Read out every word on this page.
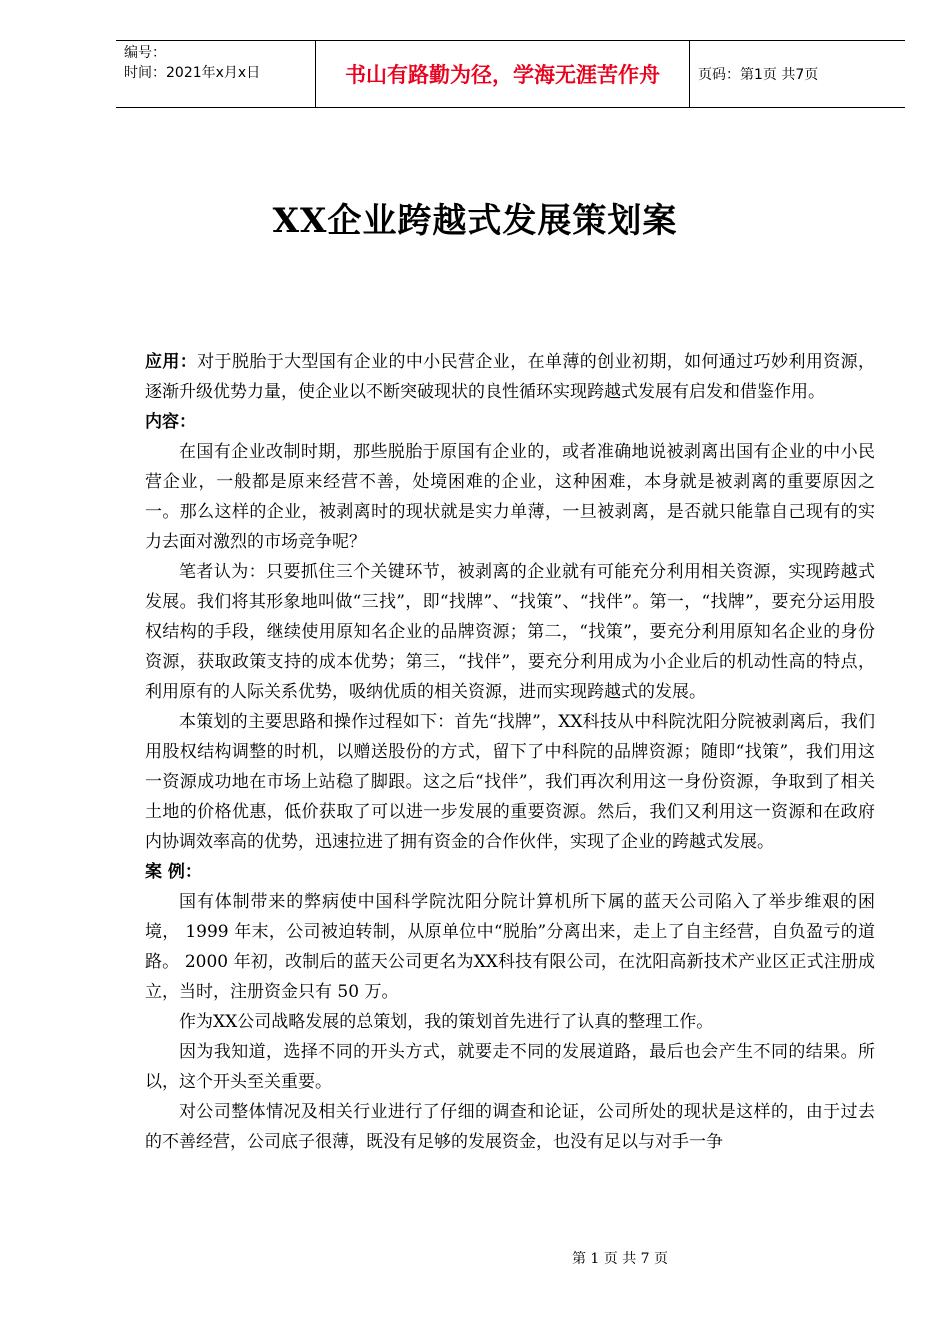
编号：
时间：2021年x月x日	书山有路勤为径，学海无涯苦作舟	页码：第1页 共7页
XX企业跨越式发展策划案

应用：对于脱胎于大型国有企业的中小民营企业，在单薄的创业初期，如何通过巧妙利用资源，逐渐升级优势力量，使企业以不断突破现状的良性循环实现跨越式发展有启发和借鉴作用。

内容：

在国有企业改制时期，那些脱胎于原国有企业的，或者准确地说被剥离出国有企业的中小民营企业，一般都是原来经营不善，处境困难的企业，这种困难，本身就是被剥离的重要原因之一。那么这样的企业，被剥离时的现状就是实力单薄，一旦被剥离，是否就只能靠自己现有的实力去面对激烈的市场竞争呢？

笔者认为：只要抓住三个关键环节，被剥离的企业就有可能充分利用相关资源，实现跨越式发展。我们将其形象地叫做“三找”，即“找牌”、“找策”、“找伴”。第一，“找牌”，要充分运用股权结构的手段，继续使用原知名企业的品牌资源；第二，“找策”，要充分利用原知名企业的身份资源，获取政策支持的成本优势；第三，“找伴”，要充分利用成为小企业后的机动性高的特点，利用原有的人际关系优势，吸纳优质的相关资源，进而实现跨越式的发展。

本策划的主要思路和操作过程如下：首先“找牌”，XX科技从中科院沈阳分院被剥离后，我们用股权结构调整的时机，以赠送股份的方式，留下了中科院的品牌资源；随即“找策”，我们用这一资源成功地在市场上站稳了脚跟。这之后“找伴”，我们再次利用这一身份资源，争取到了相关土地的价格优惠，低价获取了可以进一步发展的重要资源。然后，我们又利用这一资源和在政府内协调效率高的优势，迅速拉进了拥有资金的合作伙伴，实现了企业的跨越式发展。

案 例：

国有体制带来的弊病使中国科学院沈阳分院计算机所下属的蓝天公司陷入了举步维艰的困境， 1999 年末，公司被迫转制，从原单位中“脱胎”分离出来，走上了自主经营，自负盈亏的道路。 2000 年初，改制后的蓝天公司更名为XX科技有限公司，在沈阳高新技术产业区正式注册成立，当时，注册资金只有 50 万。

作为XX公司战略发展的总策划，我的策划首先进行了认真的整理工作。

因为我知道，选择不同的开头方式，就要走不同的发展道路，最后也会产生不同的结果。所以，这个开头至关重要。

对公司整体情况及相关行业进行了仔细的调查和论证，公司所处的现状是这样的，由于过去的不善经营，公司底子很薄，既没有足够的发展资金，也没有足以与对手一争

第 1 页 共 7 页
